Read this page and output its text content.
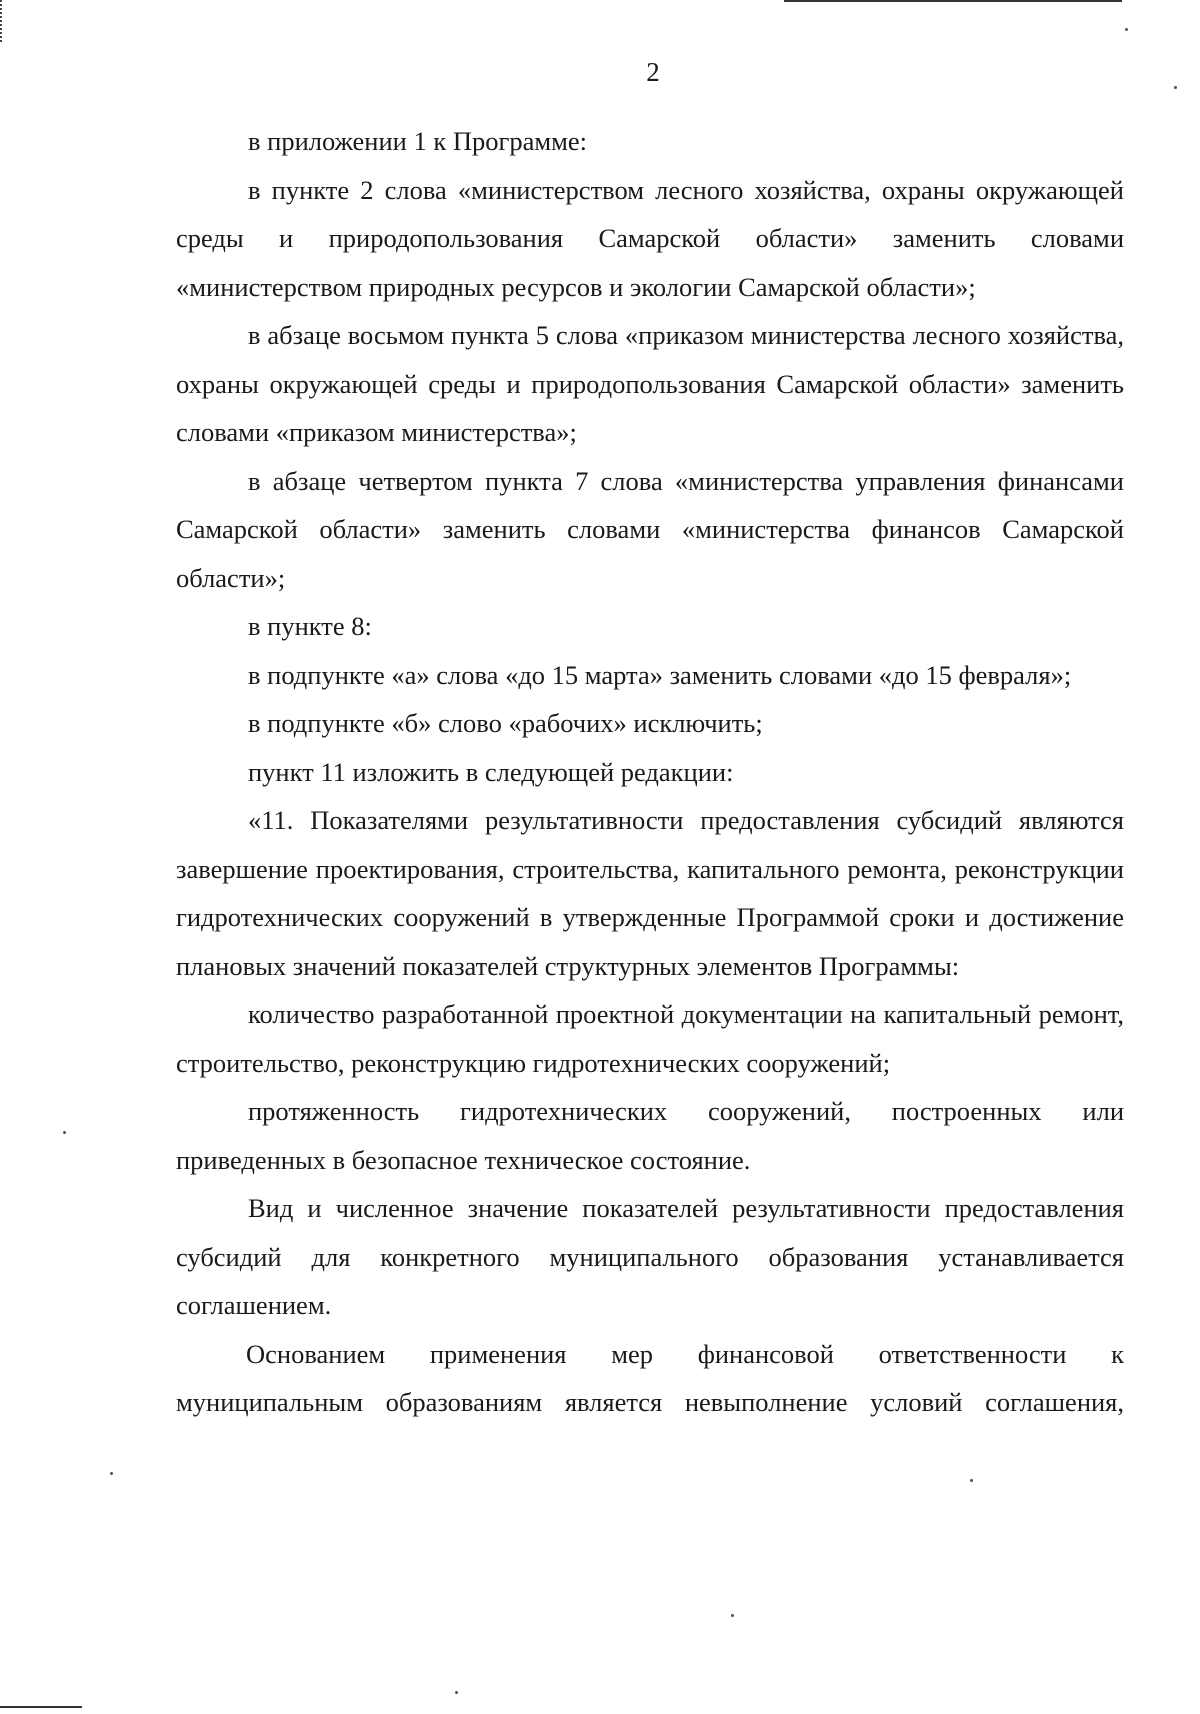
2

в приложении 1 к Программе:

в пункте 2 слова «министерством лесного хозяйства, охраны окружающей среды и природопользования Самарской области» заменить словами «министерством природных ресурсов и экологии Самарской области»;

в абзаце восьмом пункта 5 слова «приказом министерства лесного хозяйства, охраны окружающей среды и природопользования Самарской области» заменить словами «приказом министерства»;

в абзаце четвертом пункта 7 слова «министерства управления финансами Самарской области» заменить словами «министерства финансов Самарской области»;

в пункте 8:

в подпункте «а» слова «до 15 марта» заменить словами «до 15 февраля»;

в подпункте «б» слово «рабочих» исключить;

пункт 11 изложить в следующей редакции:

«11. Показателями результативности предоставления субсидий являются завершение проектирования, строительства, капитального ремонта, реконструкции гидротехнических сооружений в утвержденные Программой сроки и достижение плановых значений показателей структурных элементов Программы:

количество разработанной проектной документации на капитальный ремонт, строительство, реконструкцию гидротехнических сооружений;

протяженность гидротехнических сооружений, построенных или приведенных в безопасное техническое состояние.

Вид и численное значение показателей результативности предоставления субсидий для конкретного муниципального образования устанавливается соглашением.

Основанием применения мер финансовой ответственности к муниципальным образованиям является невыполнение условий соглашения,
